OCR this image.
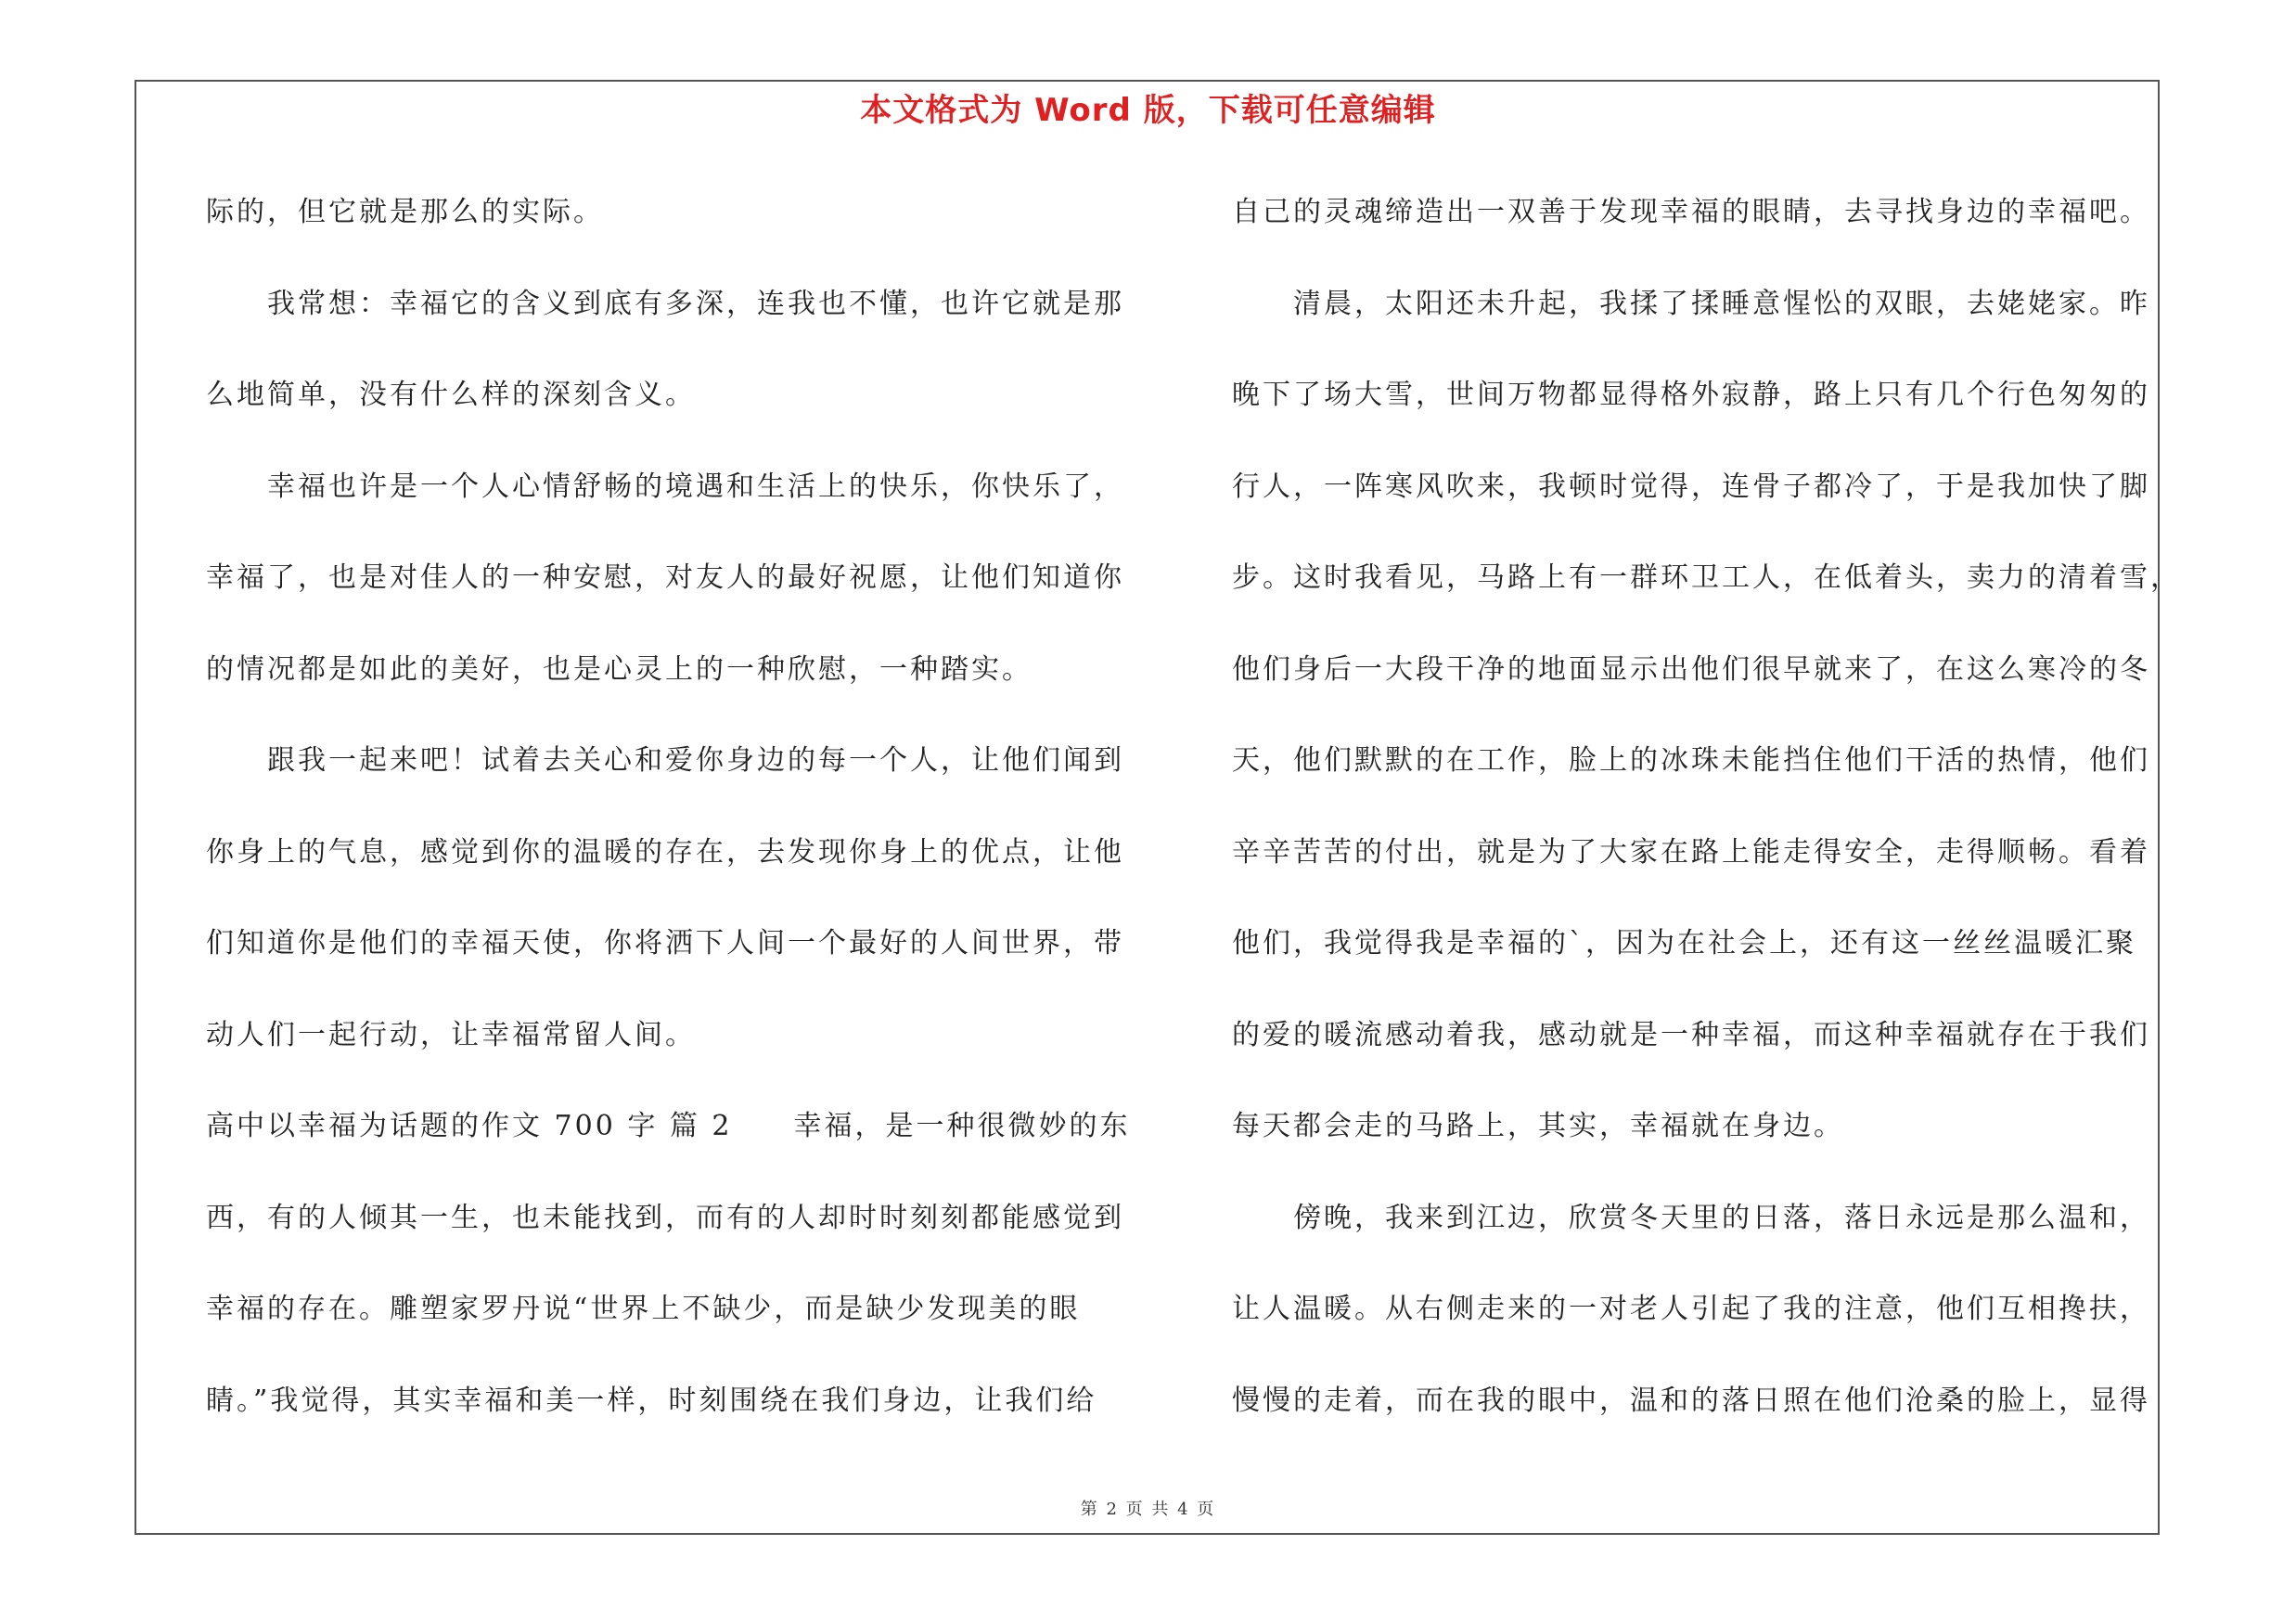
本文格式为 Word 版，下载可任意编辑

际的，但它就是那么的实际。

我常想：幸福它的含义到底有多深，连我也不懂，也许它就是那

么地简单，没有什么样的深刻含义。

幸福也许是一个人心情舒畅的境遇和生活上的快乐，你快乐了，

幸福了，也是对佳人的一种安慰，对友人的最好祝愿，让他们知道你

的情况都是如此的美好，也是心灵上的一种欣慰，一种踏实。

跟我一起来吧！试着去关心和爱你身边的每一个人，让他们闻到

你身上的气息，感觉到你的温暖的存在，去发现你身上的优点，让他

们知道你是他们的幸福天使，你将洒下人间一个最好的人间世界，带

动人们一起行动，让幸福常留人间。

高中以幸福为话题的作文 700 字 篇 2 幸福，是一种很微妙的东

西，有的人倾其一生，也未能找到，而有的人却时时刻刻都能感觉到

幸福的存在。雕塑家罗丹说“世界上不缺少，而是缺少发现美的眼

睛。”我觉得，其实幸福和美一样，时刻围绕在我们身边，让我们给

自己的灵魂缔造出一双善于发现幸福的眼睛，去寻找身边的幸福吧。

清晨，太阳还未升起，我揉了揉睡意惺忪的双眼，去姥姥家。昨

晚下了场大雪，世间万物都显得格外寂静，路上只有几个行色匆匆的

行人，一阵寒风吹来，我顿时觉得，连骨子都冷了，于是我加快了脚

步。这时我看见，马路上有一群环卫工人，在低着头，卖力的清着雪，

他们身后一大段干净的地面显示出他们很早就来了，在这么寒冷的冬

天，他们默默的在工作，脸上的冰珠未能挡住他们干活的热情，他们

辛辛苦苦的付出，就是为了大家在路上能走得安全，走得顺畅。看着

他们，我觉得我是幸福的`，因为在社会上，还有这一丝丝温暖汇聚

的爱的暖流感动着我，感动就是一种幸福，而这种幸福就存在于我们

每天都会走的马路上，其实，幸福就在身边。

傍晚，我来到江边，欣赏冬天里的日落，落日永远是那么温和，

让人温暖。从右侧走来的一对老人引起了我的注意，他们互相搀扶，

慢慢的走着，而在我的眼中，温和的落日照在他们沧桑的脸上，显得

第 2 页 共 4 页
